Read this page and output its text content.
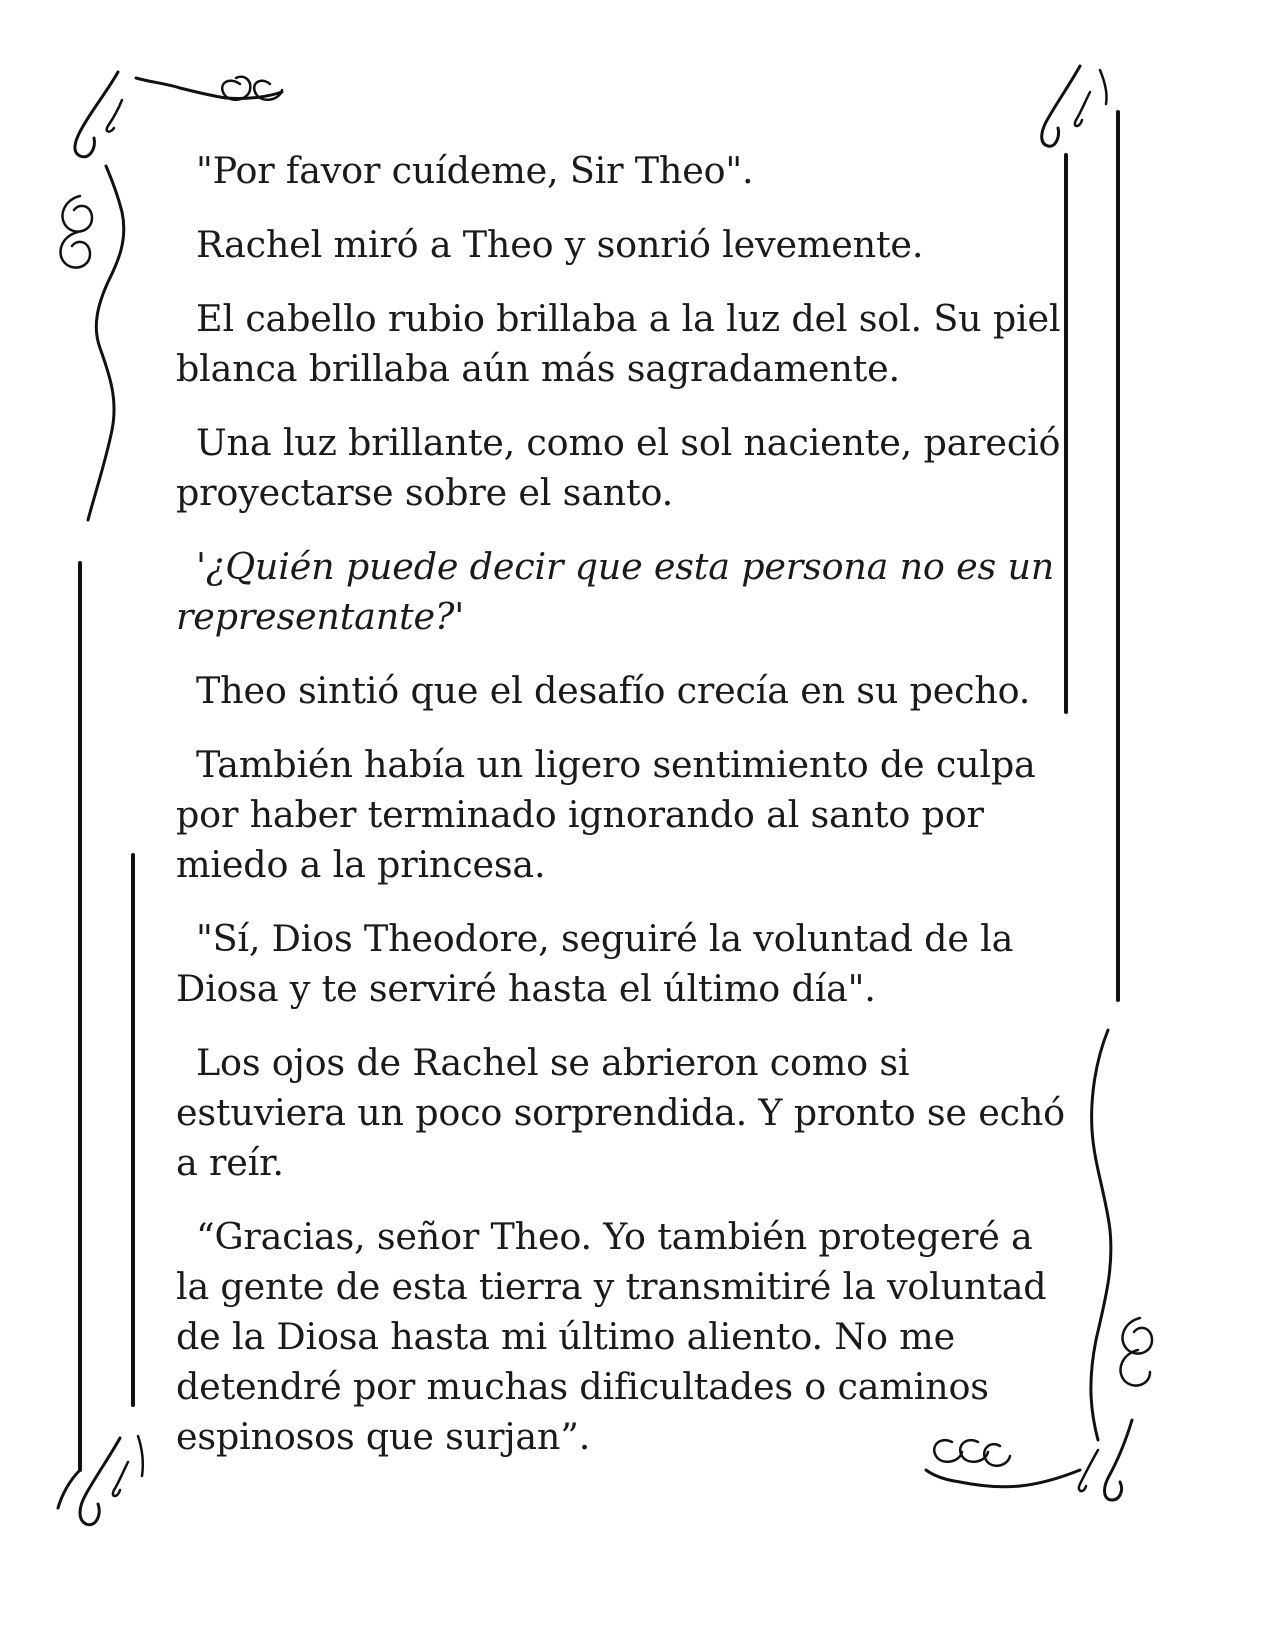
"Por favor cuídeme, Sir Theo".

Rachel miró a Theo y sonrió levemente.

El cabello rubio brillaba a la luz del sol. Su piel blanca brillaba aún más sagradamente.

Una luz brillante, como el sol naciente, pareció proyectarse sobre el santo.

'¿Quién puede decir que esta persona no es un representante?'

Theo sintió que el desafío crecía en su pecho.

También había un ligero sentimiento de culpa por haber terminado ignorando al santo por miedo a la princesa.

"Sí, Dios Theodore, seguiré la voluntad de la Diosa y te serviré hasta el último día".

Los ojos de Rachel se abrieron como si estuviera un poco sorprendida. Y pronto se echó a reír.

“Gracias, señor Theo. Yo también protegeré a la gente de esta tierra y transmitiré la voluntad de la Diosa hasta mi último aliento. No me detendré por muchas dificultades o caminos espinosos que surjan”.
